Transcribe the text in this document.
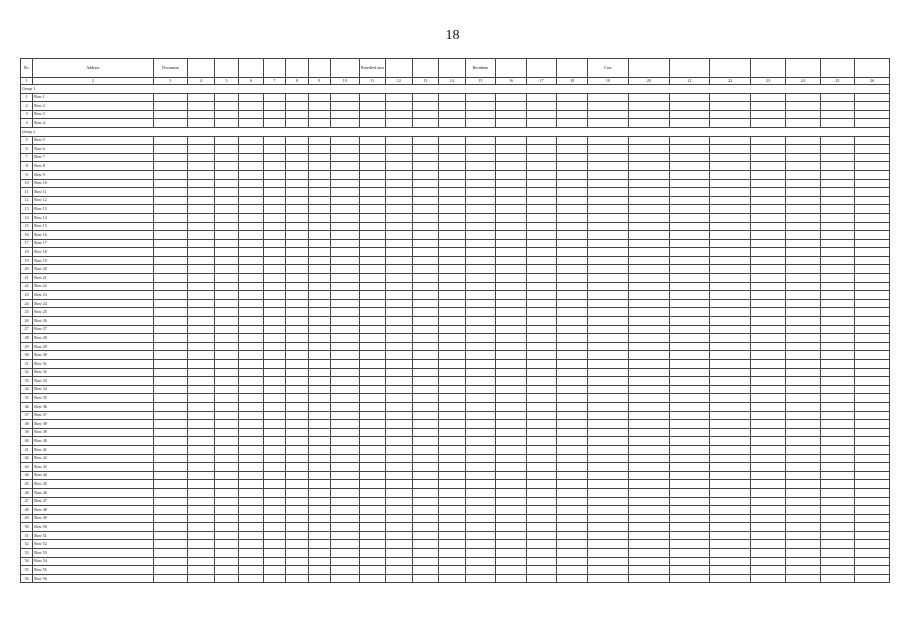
18
No.	Address	Document								Resettled area				Residents				Cost							
1	2	3	4	5	6	7	8	9	10	11	12	13	14	15	16	17	18	19	20	21	22	23	24	25	26
Group 1																									
1	Row 1																								
2	Row 2																								
3	Row 3																								
4	Row 4																								
Group 2																									
5	Row 5																								
6	Row 6																								
7	Row 7																								
8	Row 8																								
9	Row 9																								
10	Row 10																								
11	Row 11																								
12	Row 12																								
13	Row 13																								
14	Row 14																								
15	Row 15																								
16	Row 16																								
17	Row 17																								
18	Row 18																								
19	Row 19																								
20	Row 20																								
21	Row 21																								
22	Row 22																								
23	Row 23																								
24	Row 24																								
25	Row 25																								
26	Row 26																								
27	Row 27																								
28	Row 28																								
29	Row 29																								
30	Row 30																								
31	Row 31																								
32	Row 32																								
33	Row 33																								
34	Row 34																								
35	Row 35																								
36	Row 36																								
37	Row 37																								
38	Row 38																								
39	Row 39																								
40	Row 40																								
41	Row 41																								
42	Row 42																								
43	Row 43																								
44	Row 44																								
45	Row 45																								
46	Row 46																								
47	Row 47																								
48	Row 48																								
49	Row 49																								
50	Row 50																								
51	Row 51																								
52	Row 52																								
53	Row 53																								
54	Row 54																								
55	Row 55																								
56	Row 56																								
